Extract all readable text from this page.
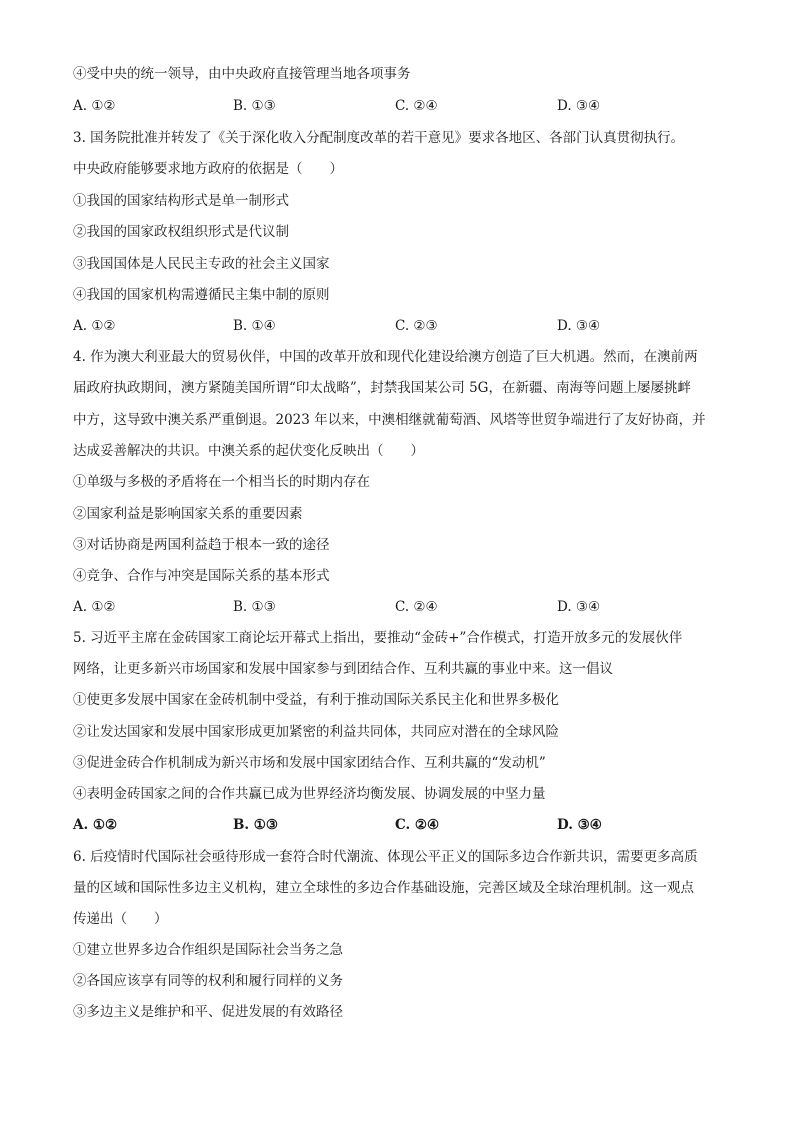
④受中央的统一领导，由中央政府直接管理当地各项事务
A. ①②	B. ①③	C. ②④	D. ③④
3. 国务院批准并转发了《关于深化收入分配制度改革的若干意见》要求各地区、各部门认真贯彻执行。
中央政府能够要求地方政府的依据是（　　）
①我国的国家结构形式是单一制形式
②我国的国家政权组织形式是代议制
③我国国体是人民民主专政的社会主义国家
④我国的国家机构需遵循民主集中制的原则
A. ①②	B. ①④	C. ②③	D. ③④
4. 作为澳大利亚最大的贸易伙伴，中国的改革开放和现代化建设给澳方创造了巨大机遇。然而，在澳前两
届政府执政期间，澳方紧随美国所谓“印太战略”，封禁我国某公司 5G，在新疆、南海等问题上屡屡挑衅
中方，这导致中澳关系严重倒退。2023 年以来，中澳相继就葡萄酒、风塔等世贸争端进行了友好协商，并
达成妥善解决的共识。中澳关系的起伏变化反映出（　　）
①单级与多极的矛盾将在一个相当长的时期内存在
②国家利益是影响国家关系的重要因素
③对话协商是两国利益趋于根本一致的途径
④竞争、合作与冲突是国际关系的基本形式
A. ①②	B. ①③	C. ②④	D. ③④
5. 习近平主席在金砖国家工商论坛开幕式上指出，要推动“金砖+”合作模式，打造开放多元的发展伙伴
网络，让更多新兴市场国家和发展中国家参与到团结合作、互利共赢的事业中来。这一倡议
①使更多发展中国家在金砖机制中受益，有利于推动国际关系民主化和世界多极化
②让发达国家和发展中国家形成更加紧密的利益共同体，共同应对潜在的全球风险
③促进金砖合作机制成为新兴市场和发展中国家团结合作、互利共赢的“发动机”
④表明金砖国家之间的合作共赢已成为世界经济均衡发展、协调发展的中坚力量
A. ①②	B. ①③	C. ②④	D. ③④
6. 后疫情时代国际社会亟待形成一套符合时代潮流、体现公平正义的国际多边合作新共识，需要更多高质
量的区域和国际性多边主义机构，建立全球性的多边合作基础设施，完善区域及全球治理机制。这一观点
传递出（　　）
①建立世界多边合作组织是国际社会当务之急
②各国应该享有同等的权利和履行同样的义务
③多边主义是维护和平、促进发展的有效路径
